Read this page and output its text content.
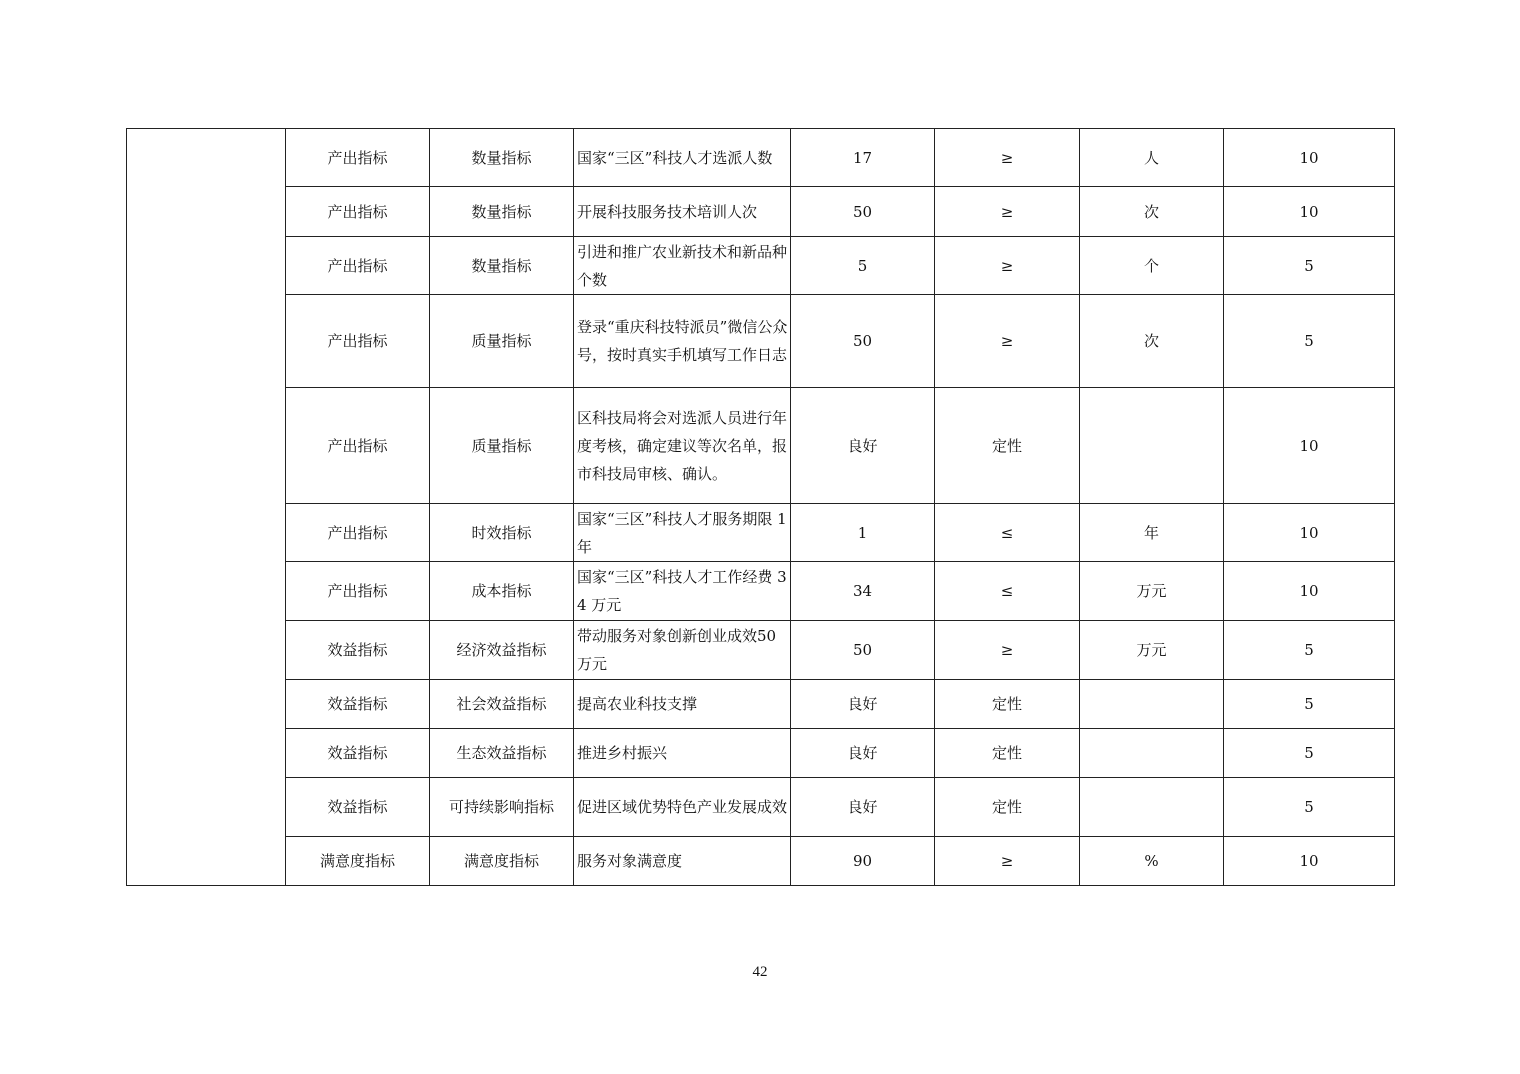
	产出指标	数量指标	国家“三区”科技人才选派人数	17	≥	人	10
	产出指标	数量指标	开展科技服务技术培训人次	50	≥	次	10
	产出指标	数量指标	引进和推广农业新技术和新品种个数	5	≥	个	5
	产出指标	质量指标	登录“重庆科技特派员”微信公众号，按时真实手机填写工作日志	50	≥	次	5
	产出指标	质量指标	区科技局将会对选派人员进行年度考核，确定建议等次名单，报市科技局审核、确认。	良好	定性		10
	产出指标	时效指标	国家“三区”科技人才服务期限 1 年	1	≤	年	10
	产出指标	成本指标	国家“三区”科技人才工作经费 34 万元	34	≤	万元	10
	效益指标	经济效益指标	带动服务对象创新创业成效50万元	50	≥	万元	5
	效益指标	社会效益指标	提高农业科技支撑	良好	定性		5
	效益指标	生态效益指标	推进乡村振兴	良好	定性		5
	效益指标	可持续影响指标	促进区域优势特色产业发展成效	良好	定性		5
	满意度指标	满意度指标	服务对象满意度	90	≥	%	10
42
